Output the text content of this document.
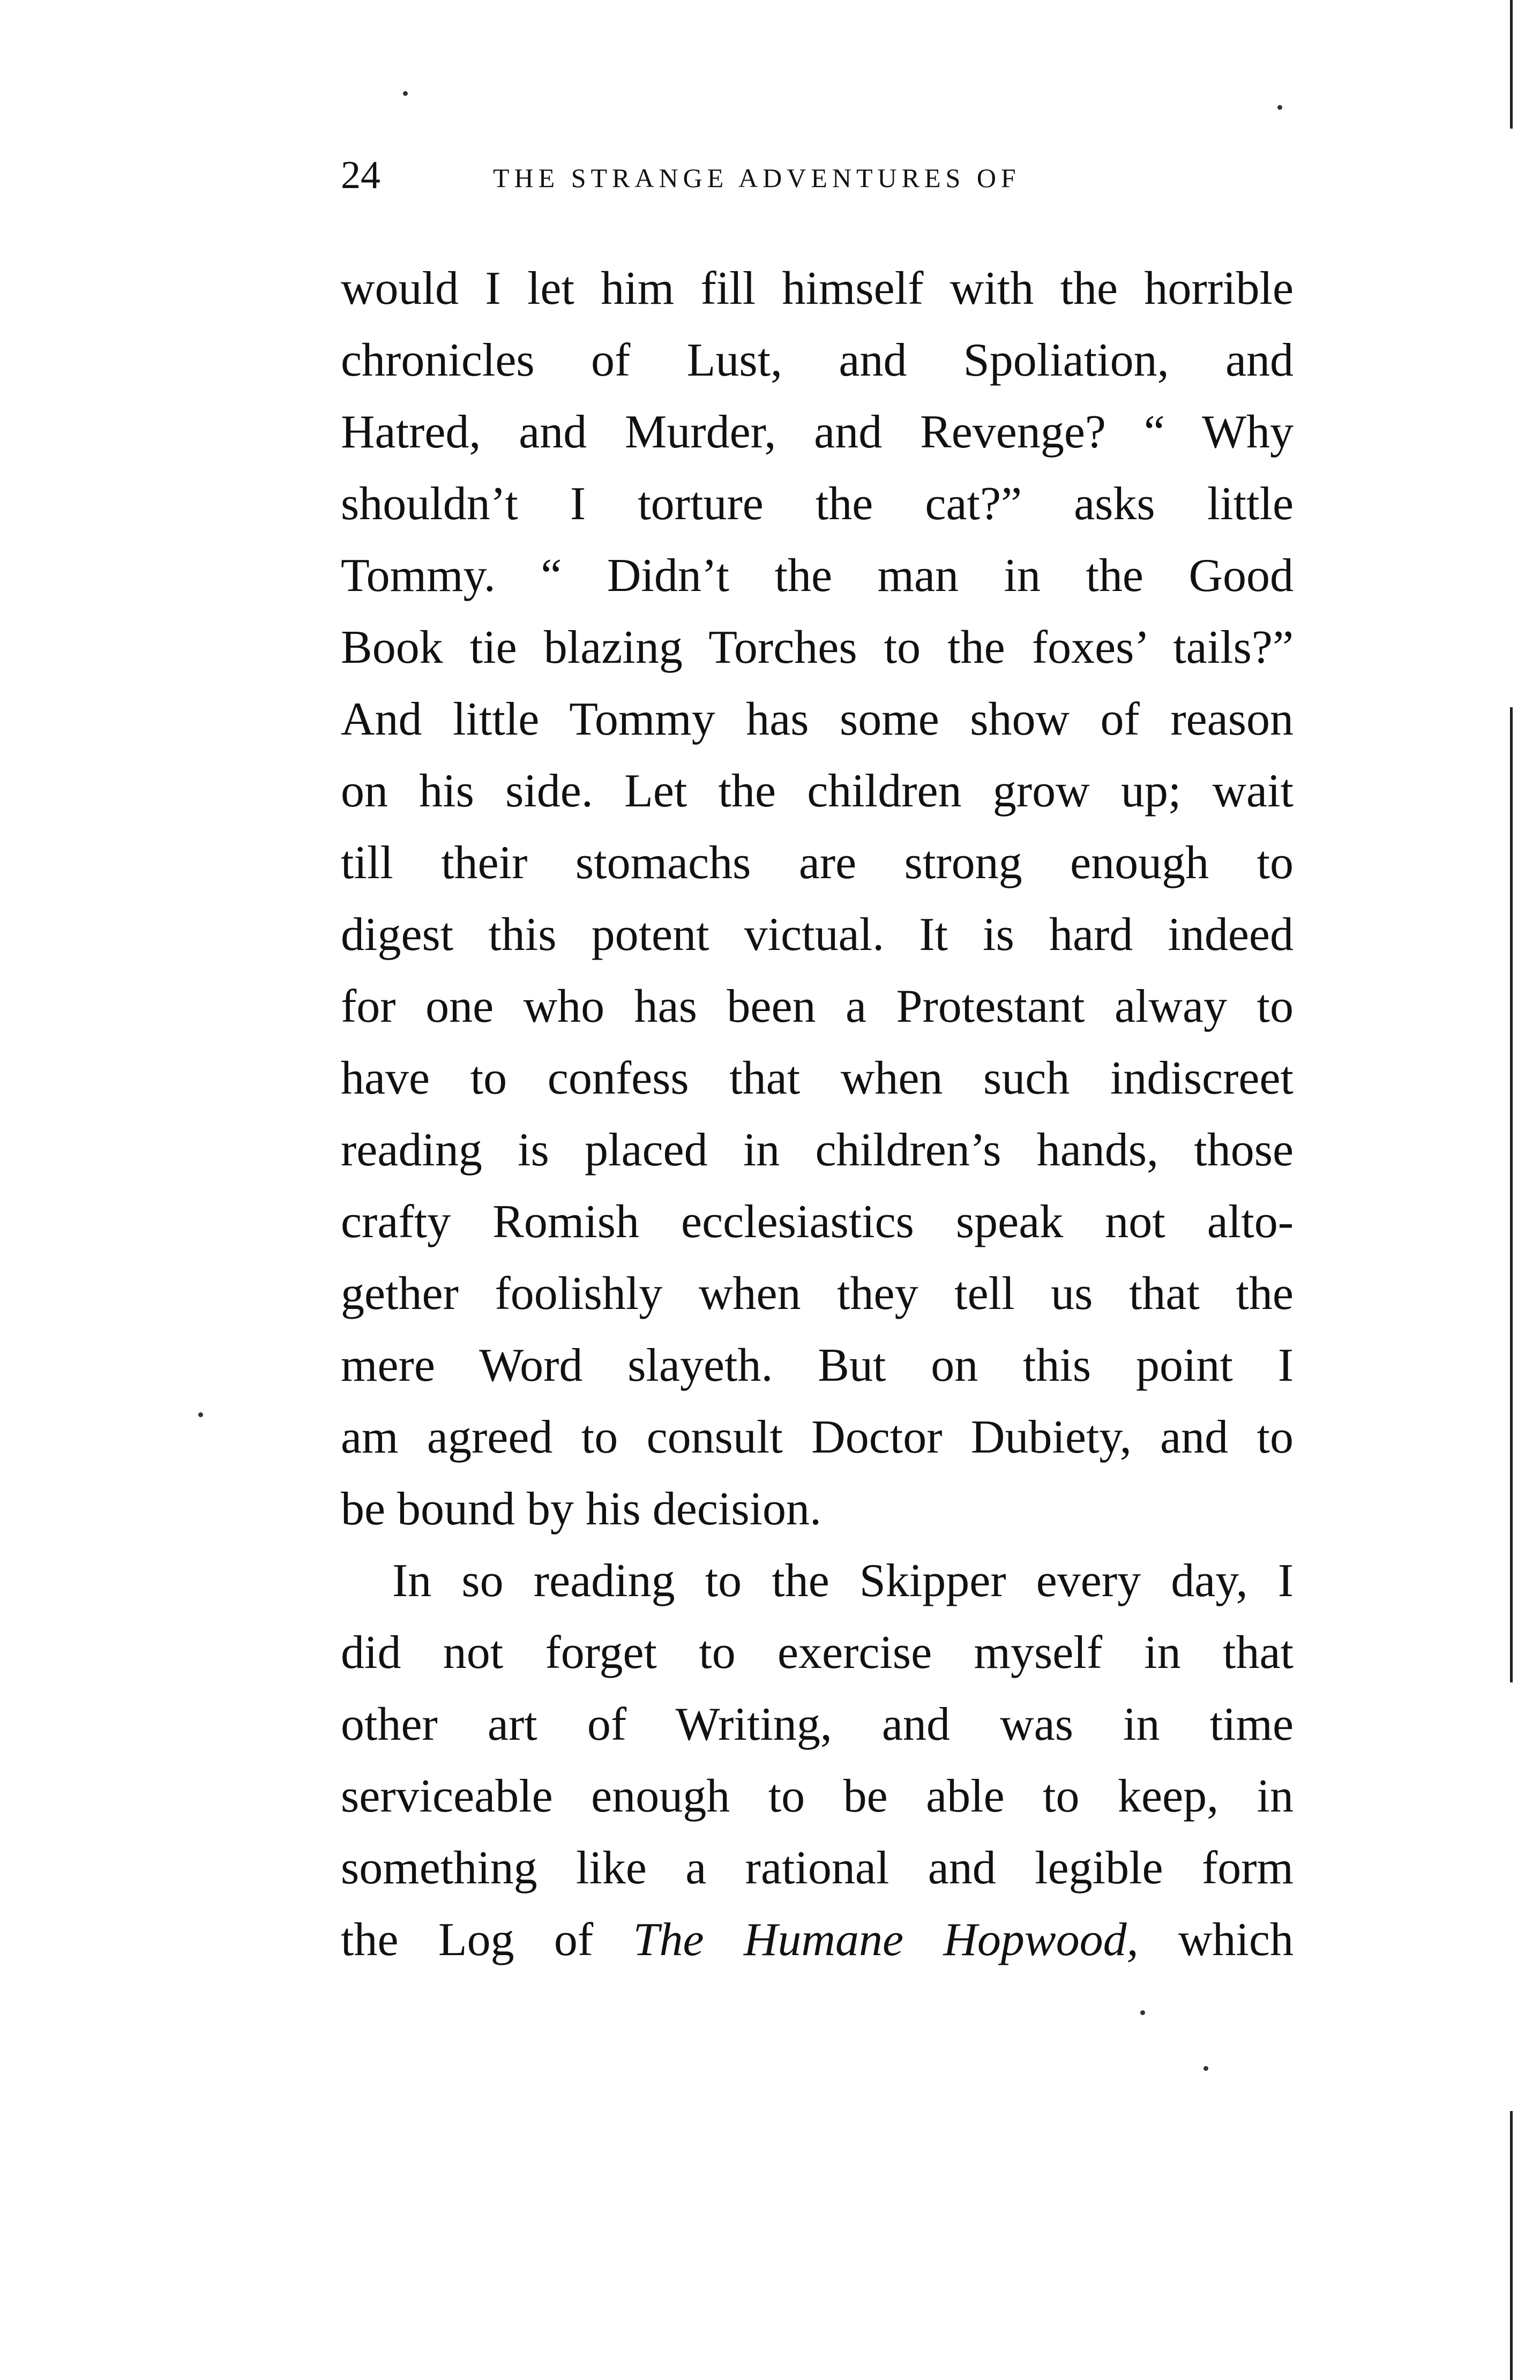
24	THE STRANGE ADVENTURES OF
would I let him fill himself with the horrible
chronicles of Lust, and Spoliation, and
Hatred, and Murder, and Revenge? “ Why
shouldn’t I torture the cat?” asks little
Tommy. “ Didn’t the man in the Good
Book tie blazing Torches to the foxes’ tails?”
And little Tommy has some show of reason
on his side. Let the children grow up; wait
till their stomachs are strong enough to
digest this potent victual. It is hard indeed
for one who has been a Protestant alway to
have to confess that when such indiscreet
reading is placed in children’s hands, those
crafty Romish ecclesiastics speak not alto-
gether foolishly when they tell us that the
mere Word slayeth. But on this point I
am agreed to consult Doctor Dubiety, and to
be bound by his decision.
In so reading to the Skipper every day, I
did not forget to exercise myself in that
other art of Writing, and was in time
serviceable enough to be able to keep, in
something like a rational and legible form
the Log of The Humane Hopwood, which
